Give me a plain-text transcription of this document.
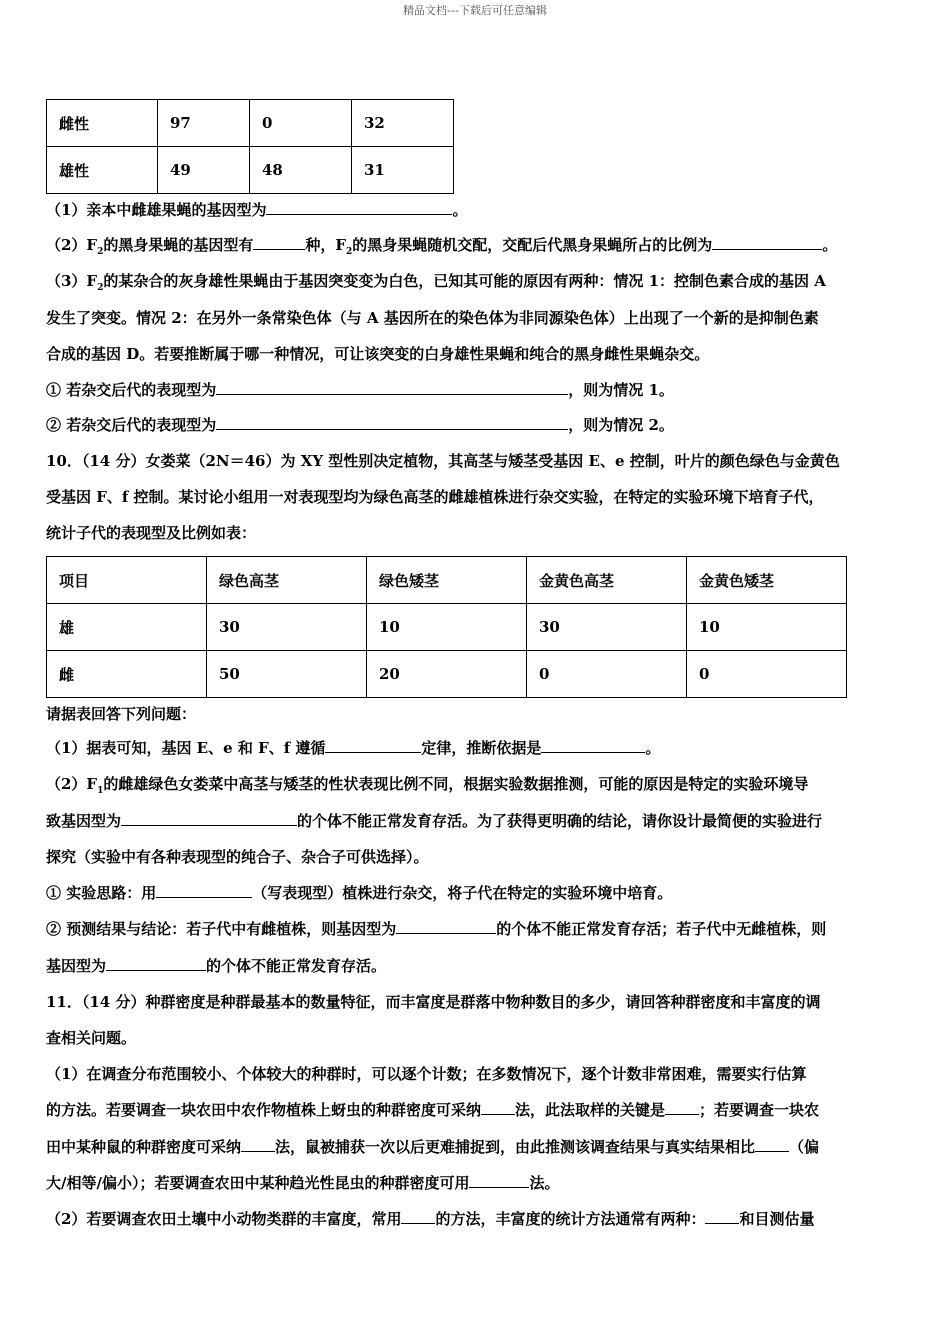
精品文档---下载后可任意编辑
雌性	97	0	32
雄性	49	48	31
（1）亲本中雌雄果蝇的基因型为	。
$(2)F_2$的黑身果蝇的基因型有	种，$F_2$的黑身果蝇随机交配，交配后代黑身果蝇所占的比例为	。
$(3)F_2$的某杂合的灰身雄性果蝇由于基因突变变为白色，已知其可能的原因有两种：情况 1：控制色素合成的基因 A
发生了突变。情况 2：在另外一条常染色体（与 A 基因所在的染色体为非同源染色体）上出现了一个新的是抑制色素
合成的基因 D。若要推断属于哪一种情况，可让该突变的白身雄性果蝇和纯合的黑身雌性果蝇杂交。
① 若杂交后代的表现型为	，则为情况 1。
② 若杂交后代的表现型为	，则为情况 2。
10．（14 分）女娄菜（2N＝46）为 XY 型性别决定植物，其高茎与矮茎受基因 E、e 控制，叶片的颜色绿色与金黄色
受基因 F、f 控制。某讨论小组用一对表现型均为绿色高茎的雌雄植株进行杂交实验，在特定的实验环境下培育子代，
统计子代的表现型及比例如表：
项目	绿色高茎	绿色矮茎	金黄色高茎	金黄色矮茎
雄	30	10	30	10
雌	50	20	0	0
请据表回答下列问题：
（1）据表可知，基因 E、e 和 F、f 遵循	定律，推断依据是	。
$(2)F_1$的雌雄绿色女娄菜中高茎与矮茎的性状表现比例不同，根据实验数据推测，可能的原因是特定的实验环境导
致基因型为	的个体不能正常发育存活。为了获得更明确的结论，请你设计最简便的实验进行
探究（实验中有各种表现型的纯合子、杂合子可供选择）。
① 实验思路：用	（写表现型）植株进行杂交，将子代在特定的实验环境中培育。
② 预测结果与结论：若子代中有雌植株，则基因型为	的个体不能正常发育存活；若子代中无雌植株，则
基因型为	的个体不能正常发育存活。
11．（14 分）种群密度是种群最基本的数量特征，而丰富度是群落中物种数目的多少，请回答种群密度和丰富度的调
查相关问题。
（1）在调查分布范围较小、个体较大的种群时，可以逐个计数；在多数情况下，逐个计数非常困难，需要实行估算
的方法。若要调查一块农田中农作物植株上蚜虫的种群密度可采纳 法，此法取样的关键是 ；若要调查一块农
田中某种鼠的种群密度可采纳 法，鼠被捕获一次以后更难捕捉到，由此推测该调查结果与真实结果相比 （偏
大/相等/偏小）；若要调查农田中某种趋光性昆虫的种群密度可用	法。
（2）若要调查农田土壤中小动物类群的丰富度，常用 的方法，丰富度的统计方法通常有两种： 和目测估量
